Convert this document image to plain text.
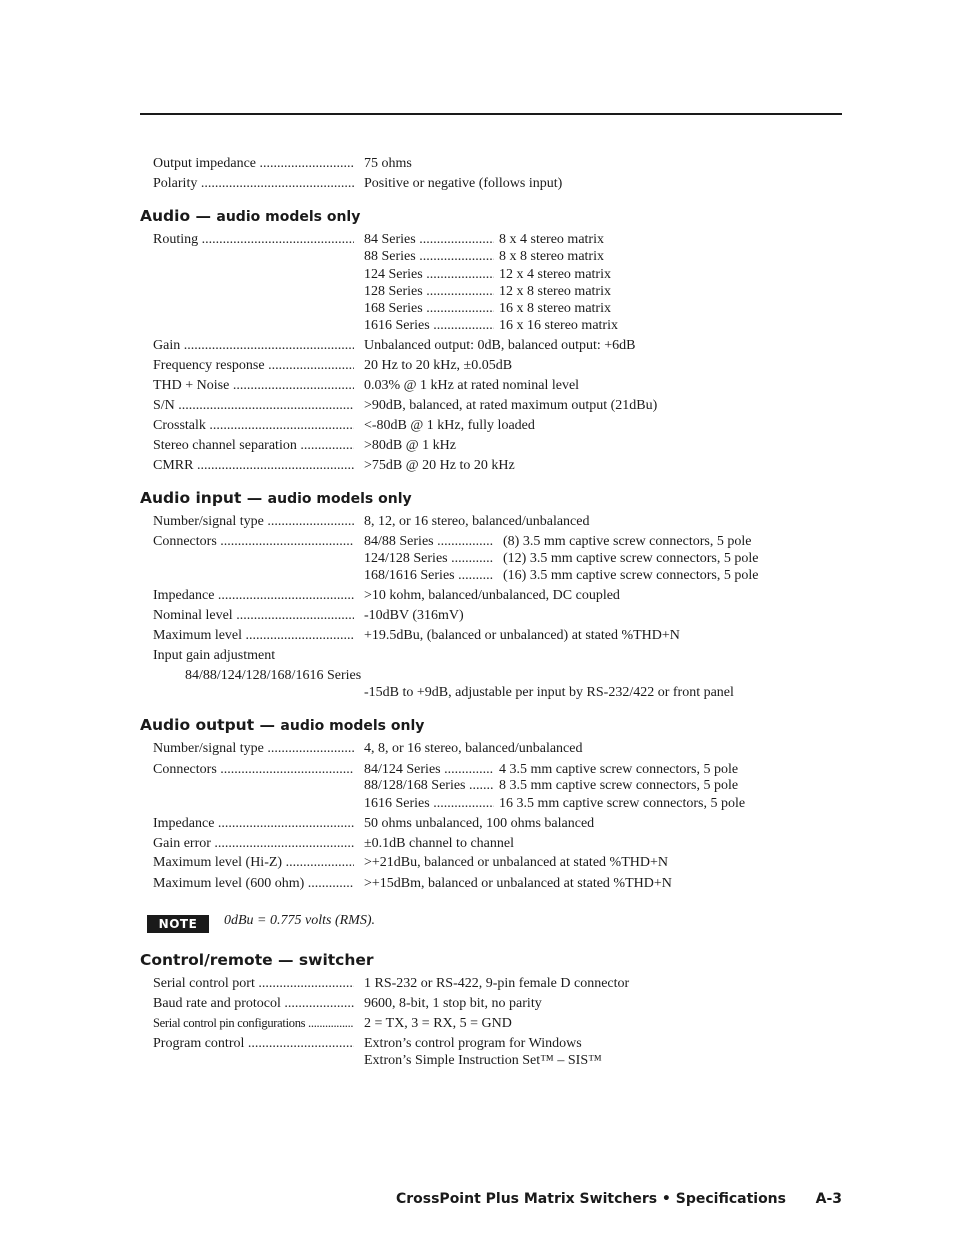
Output impedance .....	75 ohms
Polarity .....	Positive or negative (follows input)
Audio — audio models only
Routing .....	84 Series .....	8 x 4 stereo matrix
88 Series .....	8 x 8 stereo matrix
124 Series .....	12 x 4 stereo matrix
128 Series .....	12 x 8 stereo matrix
168 Series .....	16 x 8 stereo matrix
1616 Series .....	16 x 16 stereo matrix
Gain .....	Unbalanced output: 0dB, balanced output: +6dB
Frequency response .....	20 Hz to 20 kHz, ±0.05dB
THD + Noise .....	0.03% @ 1 kHz at rated nominal level
S/N .....	>90dB, balanced, at rated maximum output (21dBu)
Crosstalk .....	<-80dB @ 1 kHz, fully loaded
Stereo channel separation .....	>80dB @ 1 kHz
CMRR .....	>75dB @ 20 Hz to 20 kHz
Audio input — audio models only
Number/signal type .....	8, 12, or 16 stereo, balanced/unbalanced
Connectors .....	84/88 Series .....	(8) 3.5 mm captive screw connectors, 5 pole
124/128 Series .....	(12) 3.5 mm captive screw connectors, 5 pole
168/1616 Series .....	(16) 3.5 mm captive screw connectors, 5 pole
Impedance .....	>10 kohm, balanced/unbalanced, DC coupled
Nominal level .....	-10dBV (316mV)
Maximum level .....	+19.5dBu, (balanced or unbalanced) at stated %THD+N
Input gain adjustment
84/88/124/128/168/1616 Series
-15dB to +9dB, adjustable per input by RS-232/422 or front panel
Audio output — audio models only
Number/signal type .....	4, 8, or 16 stereo, balanced/unbalanced
Connectors .....	84/124 Series .....	4 3.5 mm captive screw connectors, 5 pole
88/128/168 Series .....	8 3.5 mm captive screw connectors, 5 pole
1616 Series .....	16 3.5 mm captive screw connectors, 5 pole
Impedance .....	50 ohms unbalanced, 100 ohms balanced
Gain error .....	±0.1dB channel to channel
Maximum level (Hi-Z) .....	>+21dBu, balanced or unbalanced at stated %THD+N
Maximum level (600 ohm) .....	>+15dBm, balanced or unbalanced at stated %THD+N
NOTE	0dBu = 0.775 volts (RMS).
Control/remote — switcher
Serial control port .....	1 RS-232 or RS-422, 9-pin female D connector
Baud rate and protocol .....	9600, 8-bit, 1 stop bit, no parity
Serial control pin configurations .....	2 = TX, 3 = RX, 5 = GND
Program control .....	Extron’s control program for Windows
Extron’s Simple Instruction Set™ – SIS™
CrossPoint Plus Matrix Switchers • Specifications A-3
